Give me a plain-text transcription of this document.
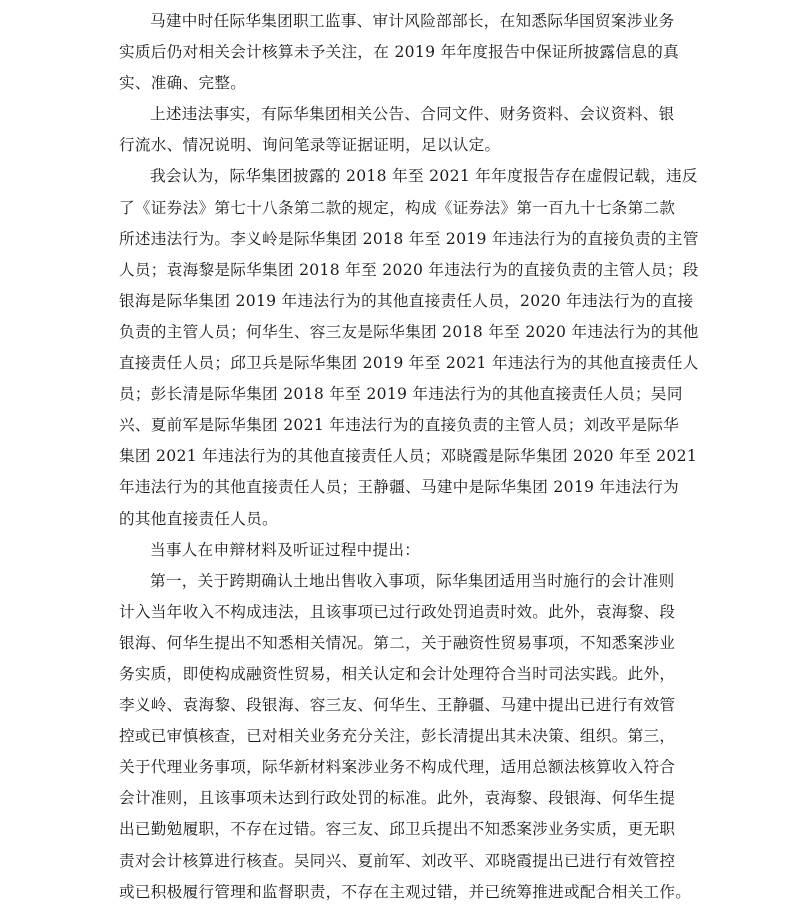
马建中时任际华集团职工监事、审计风险部部长，在知悉际华国贸案涉业务
实质后仍对相关会计核算未予关注，在 2019 年年度报告中保证所披露信息的真
实、准确、完整。
上述违法事实，有际华集团相关公告、合同文件、财务资料、会议资料、银
行流水、情况说明、询问笔录等证据证明，足以认定。
我会认为，际华集团披露的 2018 年至 2021 年年度报告存在虚假记载，违反
了《证券法》第七十八条第二款的规定，构成《证券法》第一百九十七条第二款
所述违法行为。李义岭是际华集团 2018 年至 2019 年违法行为的直接负责的主管
人员；袁海黎是际华集团 2018 年至 2020 年违法行为的直接负责的主管人员；段
银海是际华集团 2019 年违法行为的其他直接责任人员，2020 年违法行为的直接
负责的主管人员；何华生、容三友是际华集团 2018 年至 2020 年违法行为的其他
直接责任人员；邱卫兵是际华集团 2019 年至 2021 年违法行为的其他直接责任人
员；彭长清是际华集团 2018 年至 2019 年违法行为的其他直接责任人员；吴同
兴、夏前军是际华集团 2021 年违法行为的直接负责的主管人员；刘改平是际华
集团 2021 年违法行为的其他直接责任人员；邓晓霞是际华集团 2020 年至 2021
年违法行为的其他直接责任人员；王静疆、马建中是际华集团 2019 年违法行为
的其他直接责任人员。
当事人在申辩材料及听证过程中提出：
第一，关于跨期确认土地出售收入事项，际华集团适用当时施行的会计准则
计入当年收入不构成违法，且该事项已过行政处罚追责时效。此外，袁海黎、段
银海、何华生提出不知悉相关情况。第二，关于融资性贸易事项，不知悉案涉业
务实质，即使构成融资性贸易，相关认定和会计处理符合当时司法实践。此外，
李义岭、袁海黎、段银海、容三友、何华生、王静疆、马建中提出已进行有效管
控或已审慎核查，已对相关业务充分关注，彭长清提出其未决策、组织。第三，
关于代理业务事项，际华新材料案涉业务不构成代理，适用总额法核算收入符合
会计准则，且该事项未达到行政处罚的标准。此外，袁海黎、段银海、何华生提
出已勤勉履职，不存在过错。容三友、邱卫兵提出不知悉案涉业务实质，更无职
责对会计核算进行核查。吴同兴、夏前军、刘改平、邓晓霞提出已进行有效管控
或已积极履行管理和监督职责，不存在主观过错，并已统筹推进或配合相关工作。
